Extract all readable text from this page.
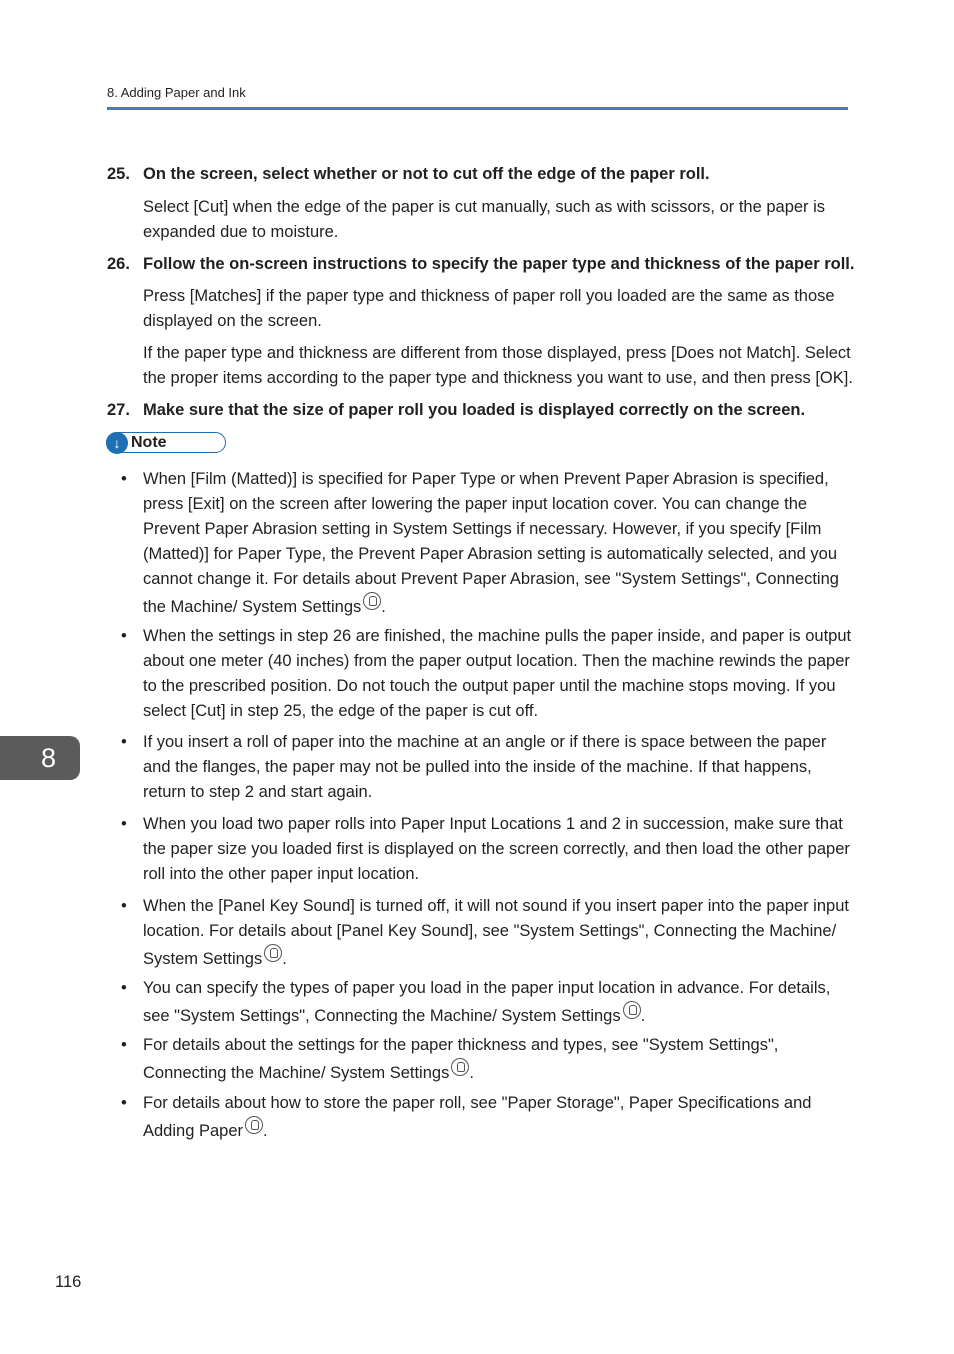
8. Adding Paper and Ink
25. On the screen, select whether or not to cut off the edge of the paper roll.
Select [Cut] when the edge of the paper is cut manually, such as with scissors, or the paper is expanded due to moisture.
26. Follow the on-screen instructions to specify the paper type and thickness of the paper roll.
Press [Matches] if the paper type and thickness of paper roll you loaded are the same as those displayed on the screen.
If the paper type and thickness are different from those displayed, press [Does not Match]. Select the proper items according to the paper type and thickness you want to use, and then press [OK].
27. Make sure that the size of paper roll you loaded is displayed correctly on the screen.
↓ Note
• When [Film (Matted)] is specified for Paper Type or when Prevent Paper Abrasion is specified, press [Exit] on the screen after lowering the paper input location cover. You can change the Prevent Paper Abrasion setting in System Settings if necessary. However, if you specify [Film (Matted)] for Paper Type, the Prevent Paper Abrasion setting is automatically selected, and you cannot change it. For details about Prevent Paper Abrasion, see "System Settings", Connecting the Machine/ System Settings .
• When the settings in step 26 are finished, the machine pulls the paper inside, and paper is output about one meter (40 inches) from the paper output location. Then the machine rewinds the paper to the prescribed position. Do not touch the output paper until the machine stops moving. If you select [Cut] in step 25, the edge of the paper is cut off.
• If you insert a roll of paper into the machine at an angle or if there is space between the paper and the flanges, the paper may not be pulled into the inside of the machine. If that happens, return to step 2 and start again.
• When you load two paper rolls into Paper Input Locations 1 and 2 in succession, make sure that the paper size you loaded first is displayed on the screen correctly, and then load the other paper roll into the other paper input location.
• When the [Panel Key Sound] is turned off, it will not sound if you insert paper into the paper input location. For details about [Panel Key Sound], see "System Settings", Connecting the Machine/ System Settings .
• You can specify the types of paper you load in the paper input location in advance. For details, see "System Settings", Connecting the Machine/ System Settings .
• For details about the settings for the paper thickness and types, see "System Settings", Connecting the Machine/ System Settings .
• For details about how to store the paper roll, see "Paper Storage", Paper Specifications and Adding Paper .
8
116
